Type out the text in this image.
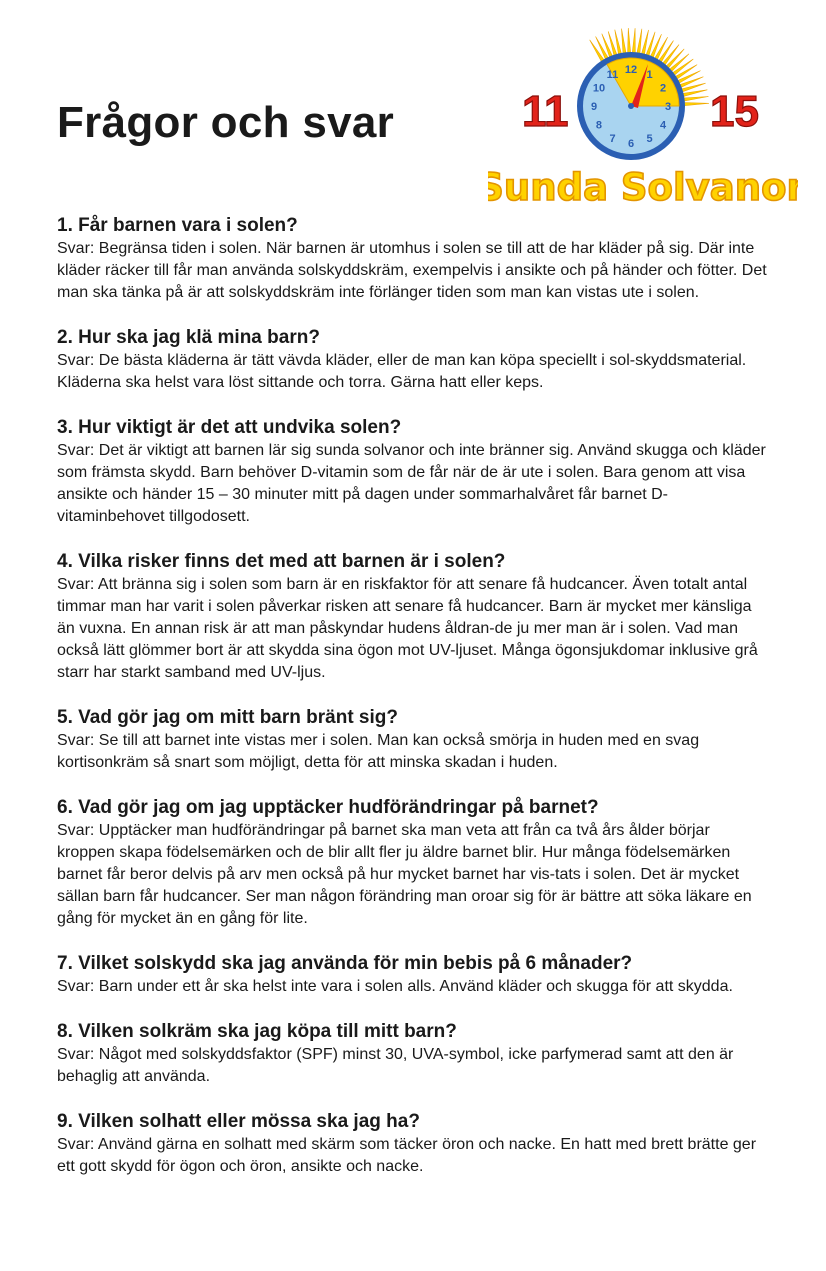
Frågor och svar
12 1
2
3
4
5
6
7
8
9
10
11
11	15
Sunda Solvanor
1. Får barnen vara i solen?

Svar: Begränsa tiden i solen. När barnen är utomhus i solen se till att de har kläder på sig. Där inte kläder räcker till får man använda solskyddskräm, exempelvis i ansikte och på händer och fötter. Det man ska tänka på är att solskyddskräm inte förlänger tiden som man kan vistas ute i solen.

2. Hur ska jag klä mina barn?

Svar: De bästa kläderna är tätt vävda kläder, eller de man kan köpa speciellt i sol-skyddsmaterial. Kläderna ska helst vara löst sittande och torra. Gärna hatt eller keps.

3. Hur viktigt är det att undvika solen?

Svar: Det är viktigt att barnen lär sig sunda solvanor och inte bränner sig. Använd skugga och kläder som främsta skydd. Barn behöver D-vitamin som de får när de är ute i solen. Bara genom att visa ansikte och händer 15 – 30 minuter mitt på dagen under sommarhalvåret får barnet D-vitaminbehovet tillgodosett.

4. Vilka risker finns det med att barnen är i solen?

Svar: Att bränna sig i solen som barn är en riskfaktor för att senare få hudcancer. Även totalt antal timmar man har varit i solen påverkar risken att senare få hudcancer. Barn är mycket mer känsliga än vuxna. En annan risk är att man påskyndar hudens åldran-de ju mer man är i solen. Vad man också lätt glömmer bort är att skydda sina ögon mot UV-ljuset. Många ögonsjukdomar inklusive grå starr har starkt samband med UV-ljus.

5. Vad gör jag om mitt barn bränt sig?

Svar: Se till att barnet inte vistas mer i solen. Man kan också smörja in huden med en svag kortisonkräm så snart som möjligt, detta för att minska skadan i huden.

6. Vad gör jag om jag upptäcker hudförändringar på barnet?

Svar: Upptäcker man hudförändringar på barnet ska man veta att från ca två års ålder börjar kroppen skapa födelsemärken och de blir allt fler ju äldre barnet blir. Hur många födelsemärken barnet får beror delvis på arv men också på hur mycket barnet har vis-tats i solen. Det är mycket sällan barn får hudcancer. Ser man någon förändring man oroar sig för är bättre att söka läkare en gång för mycket än en gång för lite.

7. Vilket solskydd ska jag använda för min bebis på 6 månader?

Svar: Barn under ett år ska helst inte vara i solen alls. Använd kläder och skugga för att skydda.

8. Vilken solkräm ska jag köpa till mitt barn?

Svar: Något med solskyddsfaktor (SPF) minst 30, UVA-symbol, icke parfymerad samt att den är behaglig att använda.

9. Vilken solhatt eller mössa ska jag ha?

Svar: Använd gärna en solhatt med skärm som täcker öron och nacke. En hatt med brett brätte ger ett gott skydd för ögon och öron, ansikte och nacke.
